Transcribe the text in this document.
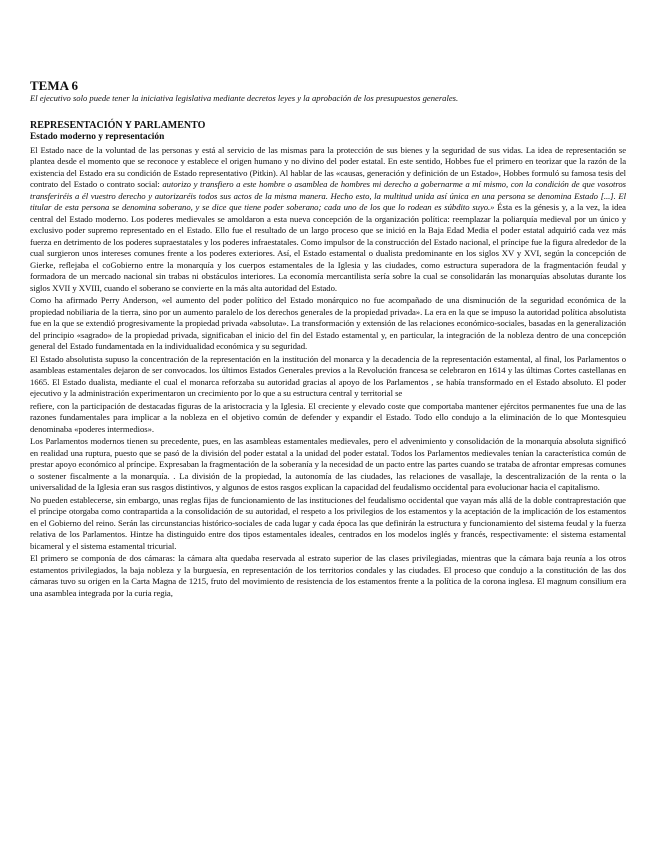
TEMA 6

El ejecutivo solo puede tener la iniciativa legislativa mediante decretos leyes y la aprobación de los presupuestos generales.

REPRESENTACIÓN Y PARLAMENTO
Estado moderno y representación

El Estado nace de la voluntad de las personas y está al servicio de las mismas para la protección de sus bienes y la seguridad de sus vidas. La idea de representación se plantea desde el momento que se reconoce y establece el origen humano y no divino del poder estatal. En este sentido, Hobbes fue el primero en teorizar que la razón de la existencia del Estado era su condición de Estado representativo (Pitkin). Al hablar de las «causas, generación y definición de un Estado», Hobbes formuló su famosa tesis del contrato del Estado o contrato social: autorizo y transfiero a este hombre o asamblea de hombres mi derecho a gobernarme a mí mismo, con la condición de que vosotros transferiréis a él vuestro derecho y autorizaréis todos sus actos de la misma manera. Hecho esto, la multitud unida así única en una persona se denomina Estado [...]. El titular de esta persona se denomina soberano, y se dice que tiene poder soberano; cada uno de los que lo rodean es súbdito suyo.» Ésta es la génesis y, a la vez, la idea central del Estado moderno. Los poderes medievales se amoldaron a esta nueva concepción de la organización política: reemplazar la poliarquía medieval por un único y exclusivo poder supremo representado en el Estado. Ello fue el resultado de un largo proceso que se inició en la Baja Edad Media el poder estatal adquirió cada vez más fuerza en detrimento de los poderes supraestatales y los poderes infraestatales. Como impulsor de la construcción del Estado nacional, el príncipe fue la figura alrededor de la cual surgieron unos intereses comunes frente a los poderes exteriores. Así, el Estado estamental o dualista predominante en los siglos XV y XVI, según la concepción de Gierke, reflejaba el coGobierno entre la monarquía y los cuerpos estamentales de la Iglesia y las ciudades, como estructura superadora de la fragmentación feudal y formadora de un mercado nacional sin trabas ni obstáculos interiores. La economía mercantilista sería sobre la cual se consolidarán las monarquías absolutas durante los siglos XVII y XVIII, cuando el soberano se convierte en la más alta autoridad del Estado.

Como ha afirmado Perry Anderson, «el aumento del poder político del Estado monárquico no fue acompañado de una disminución de la seguridad económica de la propiedad nobiliaria de la tierra, sino por un aumento paralelo de los derechos generales de la propiedad privada». La era en la que se impuso la autoridad política absolutista fue en la que se extendió progresivamente la propiedad privada «absoluta». La transformación y extensión de las relaciones económico-sociales, basadas en la generalización del principio «sagrado» de la propiedad privada, significaban el inicio del fin del Estado estamental y, en particular, la integración de la nobleza dentro de una concepción general del Estado fundamentada en la individualidad económica y su seguridad.

El Estado absolutista supuso la concentración de la representación en la institución del monarca y la decadencia de la representación estamental, al final, los Parlamentos o asambleas estamentales dejaron de ser convocados. los últimos Estados Generales previos a la Revolución francesa se celebraron en 1614 y las últimas Cortes castellanas en 1665. El Estado dualista, mediante el cual el monarca reforzaba su autoridad gracias al apoyo de los Parlamentos , se había transformado en el Estado absoluto. El poder ejecutivo y la administración experimentaron un crecimiento por lo que a su estructura central y territorial se

refiere, con la participación de destacadas figuras de la aristocracia y la Iglesia. El creciente y elevado coste que comportaba mantener ejércitos permanentes fue una de las razones fundamentales para implicar a la nobleza en el objetivo común de defender y expandir el Estado. Todo ello condujo a la eliminación de lo que Montesquieu denominaba «poderes intermedios».

Los Parlamentos modernos tienen su precedente, pues, en las asambleas estamentales medievales, pero el advenimiento y consolidación de la monarquía absoluta significó en realidad una ruptura, puesto que se pasó de la división del poder estatal a la unidad del poder estatal. Todos los Parlamentos medievales tenían la característica común de prestar apoyo económico al príncipe. Expresaban la fragmentación de la soberanía y la necesidad de un pacto entre las partes cuando se trataba de afrontar empresas comunes o sostener fiscalmente a la monarquía. . La división de la propiedad, la autonomía de las ciudades, las relaciones de vasallaje, la descentralización de la renta o la universalidad de la Iglesia eran sus rasgos distintivos, y algunos de estos rasgos explican la capacidad del feudalismo occidental para evolucionar hacia el capitalismo.

No pueden establecerse, sin embargo, unas reglas fijas de funcionamiento de las instituciones del feudalismo occidental que vayan más allá de la doble contraprestación que el príncipe otorgaba como contrapartida a la consolidación de su autoridad, el respeto a los privilegios de los estamentos y la aceptación de la implicación de los estamentos en el Gobierno del reino. Serán las circunstancias histórico-sociales de cada lugar y cada época las que definirán la estructura y funcionamiento del sistema feudal y la fuerza relativa de los Parlamentos. Hintze ha distinguido entre dos tipos estamentales ideales, centrados en los modelos inglés y francés, respectivamente: el sistema estamental bicameral y el sistema estamental tricurial.

El primero se componía de dos cámaras: la cámara alta quedaba reservada al estrato superior de las clases privilegiadas, mientras que la cámara baja reunía a los otros estamentos privilegiados, la baja nobleza y la burguesía, en representación de los territorios condales y las ciudades. El proceso que condujo a la constitución de las dos cámaras tuvo su origen en la Carta Magna de 1215, fruto del movimiento de resistencia de los estamentos frente a la política de la corona inglesa. El magnum consilium era una asamblea integrada por la curia regia,
